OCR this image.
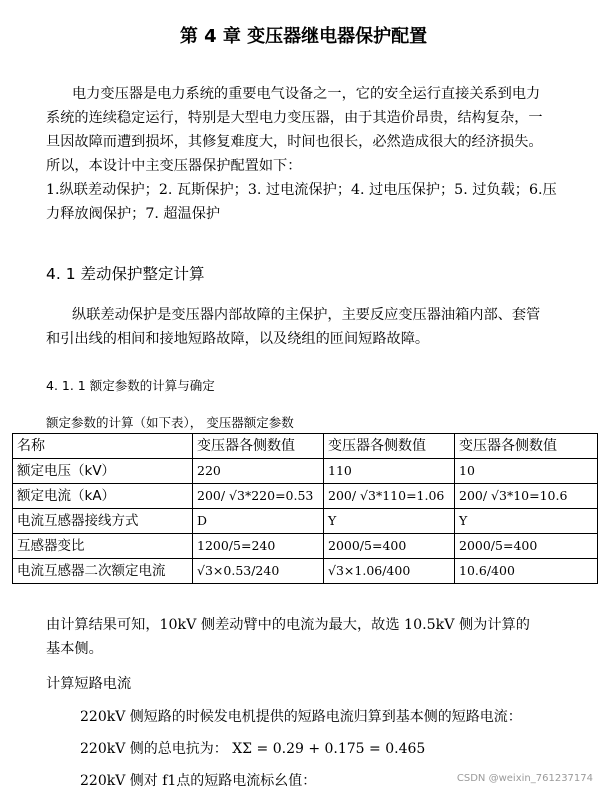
第 4 章 变压器继电器保护配置
电力变压器是电力系统的重要电气设备之一，它的安全运行直接关系到电力
系统的连续稳定运行，特别是大型电力变压器，由于其造价昂贵，结构复杂，一
旦因故障而遭到损坏，其修复难度大，时间也很长，必然造成很大的经济损失。
所以，本设计中主变压器保护配置如下：
1.纵联差动保护；2. 瓦斯保护；3. 过电流保护；4. 过电压保护；5. 过负载；6.压
力释放阀保护；7. 超温保护
4. 1 差动保护整定计算
纵联差动保护是变压器内部故障的主保护，主要反应变压器油箱内部、套管
和引出线的相间和接地短路故障，以及绕组的匝间短路故障。
4. 1. 1 额定参数的计算与确定
额定参数的计算（如下表）， 变压器额定参数
名称	变压器各侧数值	变压器各侧数值	变压器各侧数值
额定电压（kV）	220	110	10
额定电流（kA）	200/ √3*220=0.53	200/ √3*110=1.06	200/ √3*10=10.6
电流互感器接线方式	D	Y	Y
互感器变比	1200/5=240	2000/5=400	2000/5=400
电流互感器二次额定电流	√3×0.53/240	√3×1.06/400	10.6/400
由计算结果可知，10kV 侧差动臂中的电流为最大，故选 10.5kV 侧为计算的
基本侧。
计算短路电流
220kV 侧短路的时候发电机提供的短路电流归算到基本侧的短路电流：
220kV 侧的总电抗为： XΣ = 0.29 + 0.175 = 0.465
220kV 侧对 f1点的短路电流标幺值：	CSDN @weixin_761237174
